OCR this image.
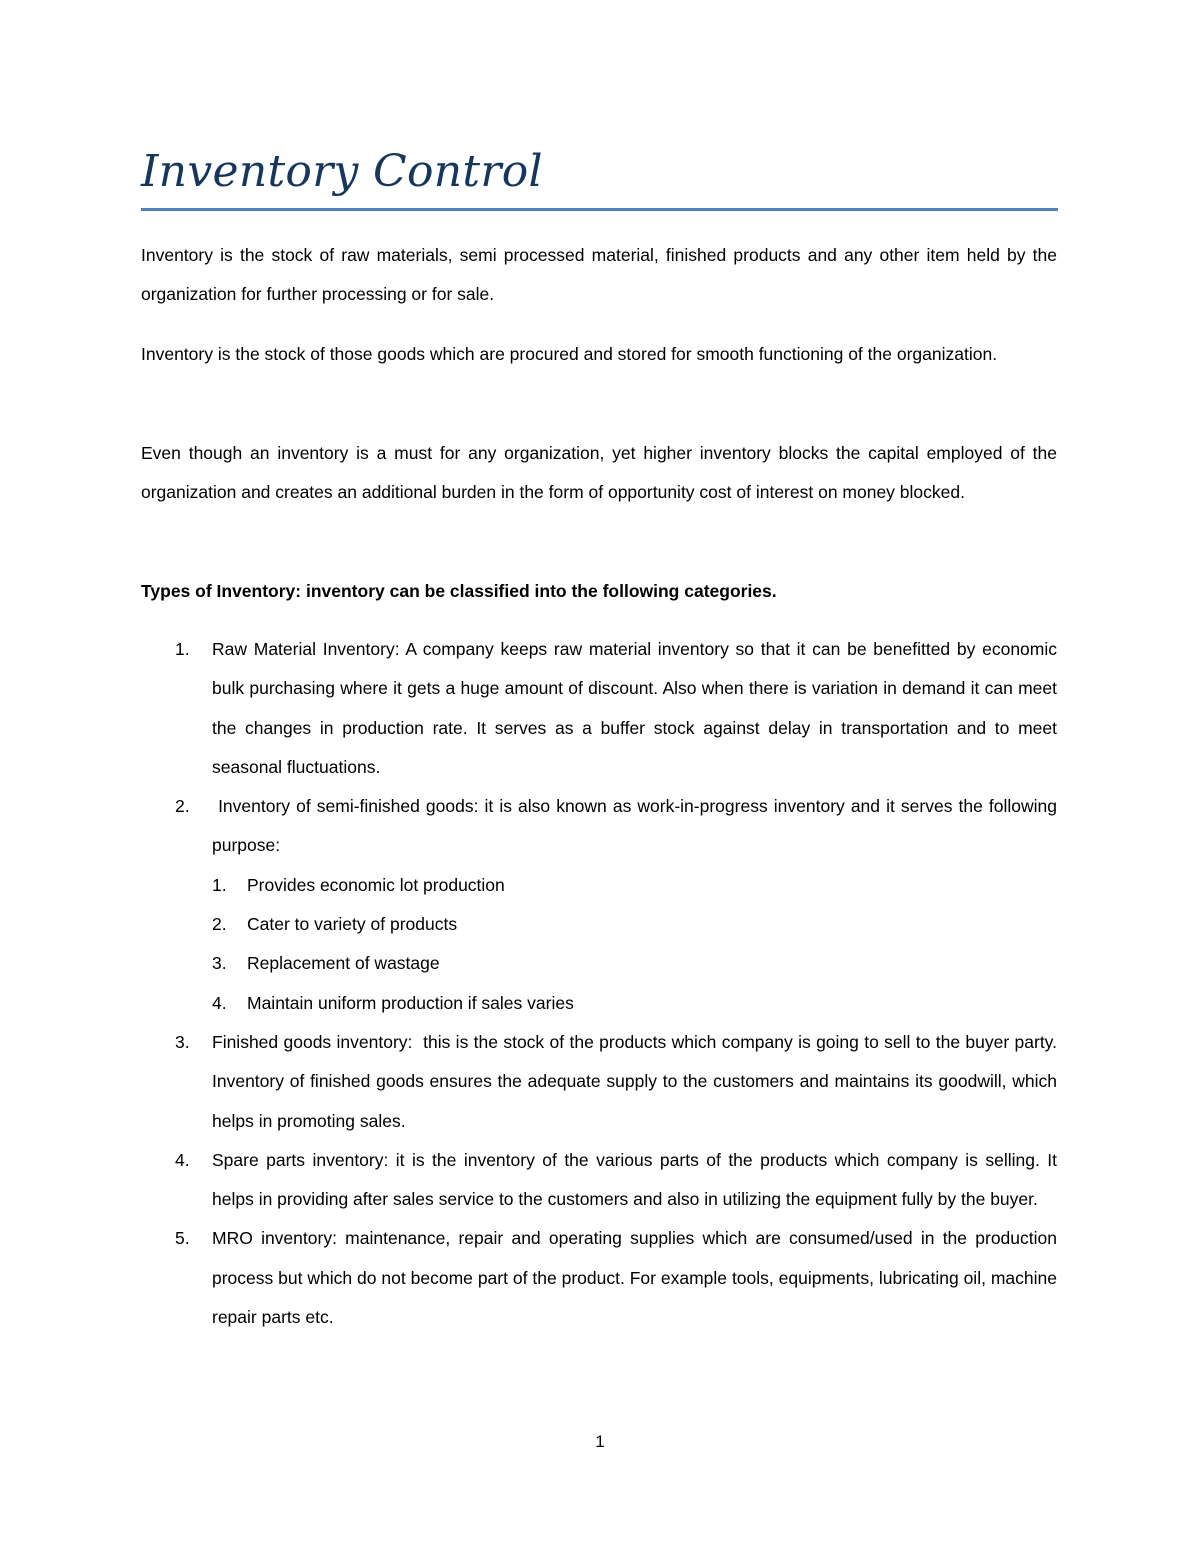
Inventory Control

Inventory is the stock of raw materials, semi processed material, finished products and any other item held by the organization for further processing or for sale.

Inventory is the stock of those goods which are procured and stored for smooth functioning of the organization.

Even though an inventory is a must for any organization, yet higher inventory blocks the capital employed of the organization and creates an additional burden in the form of opportunity cost of interest on money blocked.

Types of Inventory: inventory can be classified into the following categories.

1. Raw Material Inventory: A company keeps raw material inventory so that it can be benefitted by economic bulk purchasing where it gets a huge amount of discount. Also when there is variation in demand it can meet the changes in production rate. It serves as a buffer stock against delay in transportation and to meet seasonal fluctuations.
2. Inventory of semi-finished goods: it is also known as work-in-progress inventory and it serves the following purpose:
1. Provides economic lot production
2. Cater to variety of products
3. Replacement of wastage
4. Maintain uniform production if sales varies
3. Finished goods inventory:  this is the stock of the products which company is going to sell to the buyer party. Inventory of finished goods ensures the adequate supply to the customers and maintains its goodwill, which helps in promoting sales.
4. Spare parts inventory: it is the inventory of the various parts of the products which company is selling. It helps in providing after sales service to the customers and also in utilizing the equipment fully by the buyer.
5. MRO inventory: maintenance, repair and operating supplies which are consumed/used in the production process but which do not become part of the product. For example tools, equipments, lubricating oil, machine repair parts etc.
1
